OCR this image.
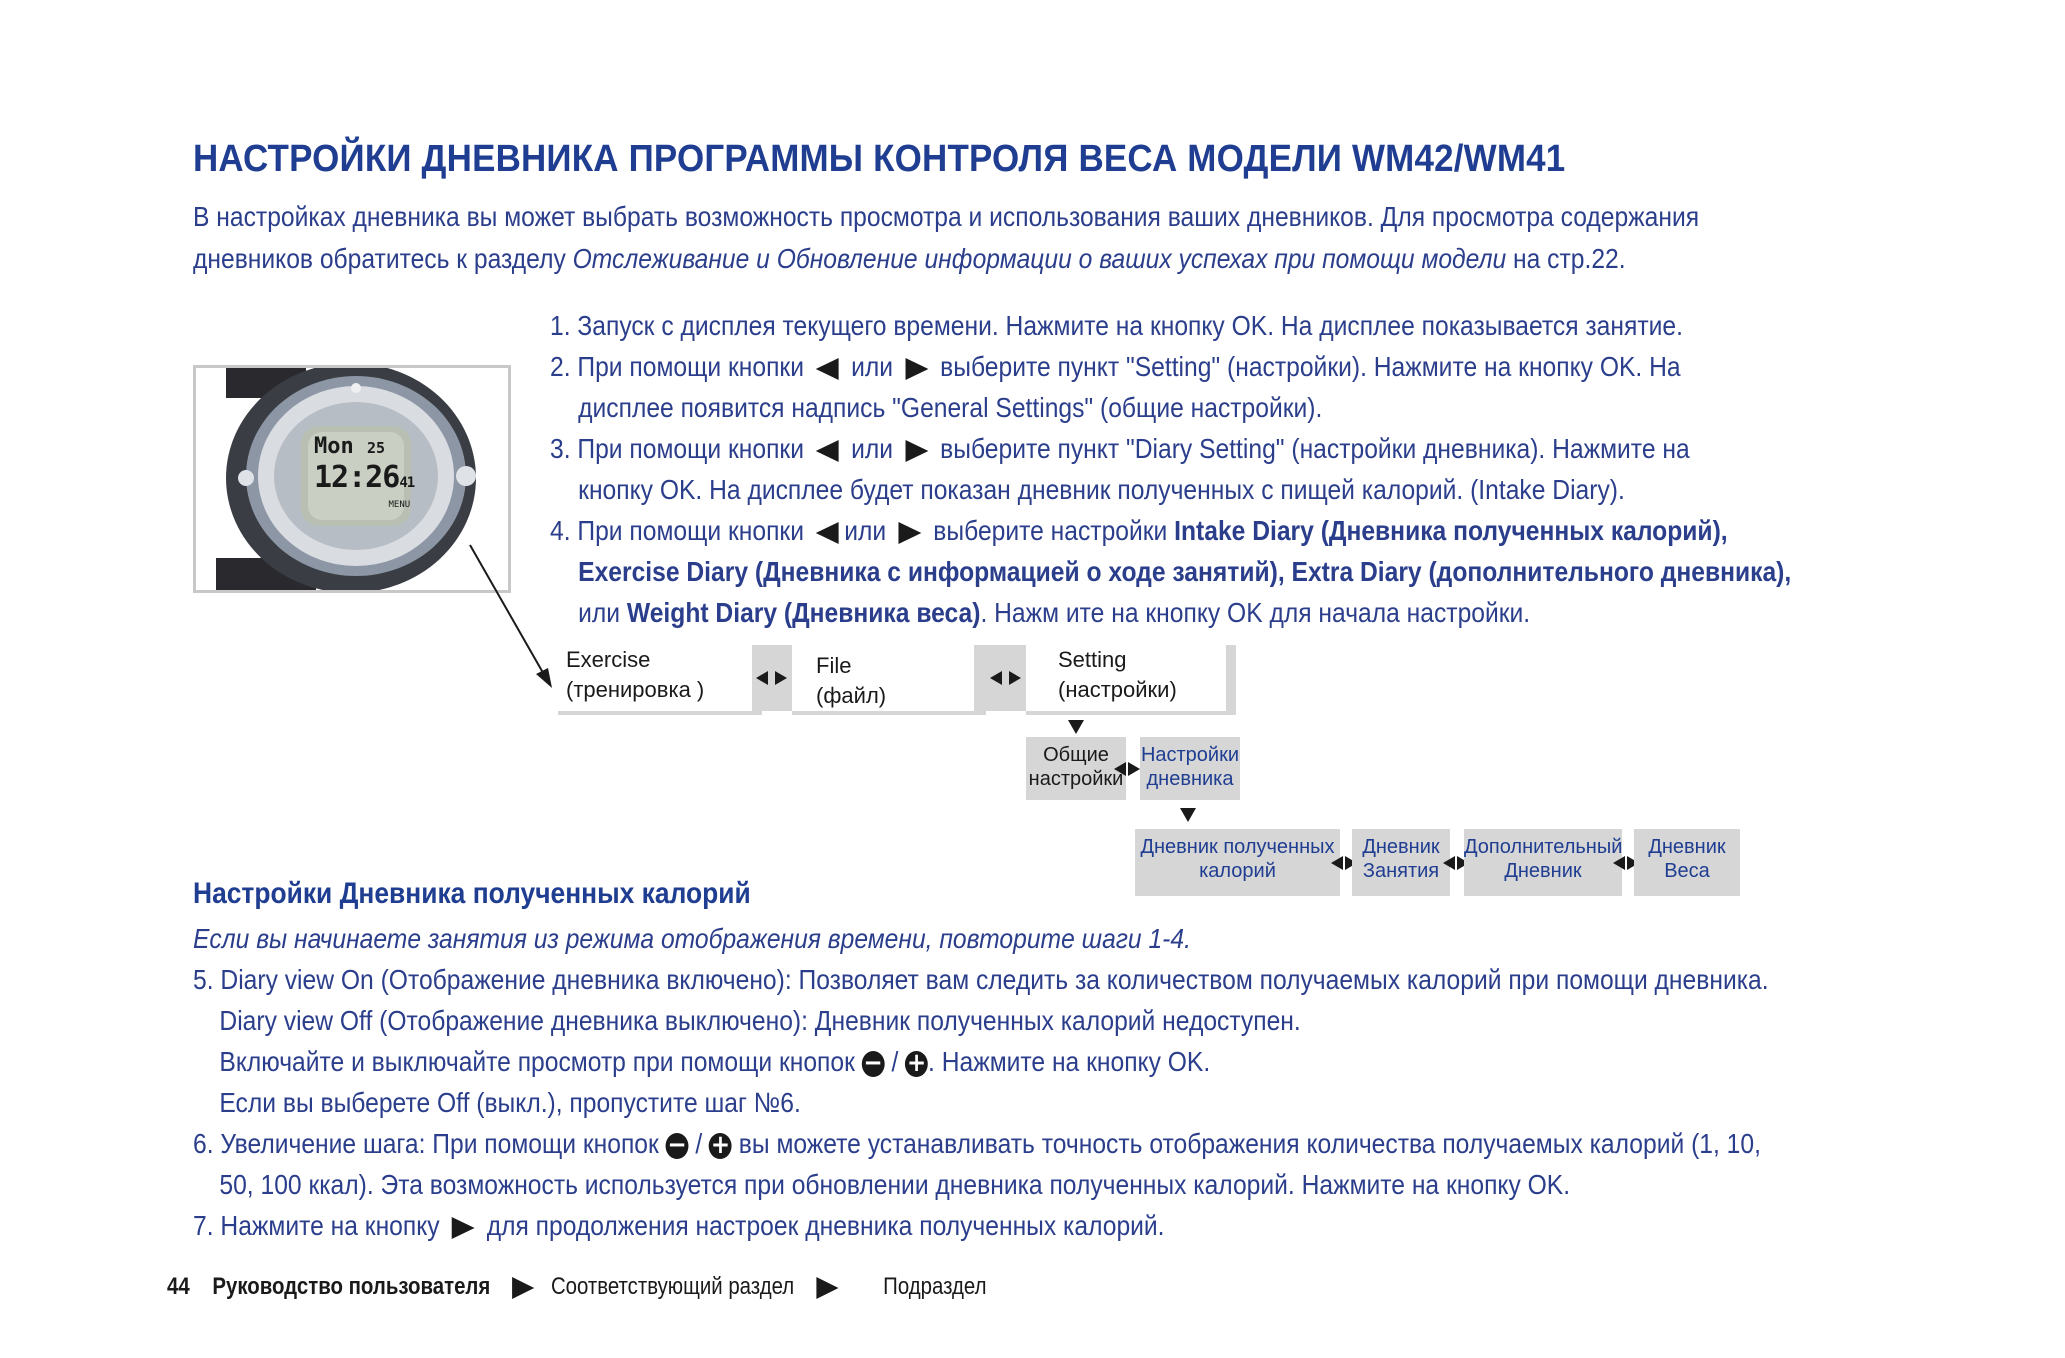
НАСТРОЙКИ ДНЕВНИКА ПРОГРАММЫ КОНТРОЛЯ ВЕСА МОДЕЛИ WM42/WM41
В настройках дневника вы может выбрать возможность просмотра и использования ваших дневников. Для просмотра содержания
дневников обратитесь к разделу Отслеживание и Обновление информации о ваших успехах при помощи модели на стр.22.
Mon 25
12:2641
MENU
1. Запуск с дисплея текущего времени. Нажмите на кнопку OK. На дисплее показывается занятие.
2. При помощи кнопки или выберите пункт "Setting" (настройки). Нажмите на кнопку OK. На
дисплее появится надпись "General Settings" (общие настройки).
3. При помощи кнопки или выберите пункт "Diary Setting" (настройки дневника). Нажмите на
кнопку OK. На дисплее будет показан дневник полученных с пищей калорий. (Intake Diary).
4. При помощи кнопки или выберите настройки Intake Diary (Дневника полученных калорий),
Exercise Diary (Дневника с информацией о ходе занятий), Extra Diary (дополнительного дневника),
или Weight Diary (Дневника веса). Нажм ите на кнопку OK для начала настройки.
Exercise
(тренировка )
File
(файл)
Setting
(настройки)
Общие
настройки
Настройки
дневника
Дневник полученных
калорий
Дневник
Занятия
Дополнительный
Дневник
Дневник
Веса
Настройки Дневника полученных калорий
Если вы начинаете занятия из режима отображения времени, повторите шаги 1-4.
5. Diary view On (Отображение дневника включено): Позволяет вам следить за количеством получаемых калорий при помощи дневника.
Diary view Off (Отображение дневника выключено): Дневник полученных калорий недоступен.
Включайте и выключайте просмотр при помощи кнопок − / +. Нажмите на кнопку OK.
Если вы выберете Off (выкл.), пропустите шаг №6.
6. Увеличение шага: При помощи кнопок − / + вы можете устанавливать точность отображения количества получаемых калорий (1, 10,
50, 100 ккал). Эта возможность используется при обновлении дневника полученных калорий. Нажмите на кнопку OK.
7. Нажмите на кнопку для продолжения настроек дневника полученных калорий.
44 Руководство пользователя	Соответствующий раздел	Подраздел
